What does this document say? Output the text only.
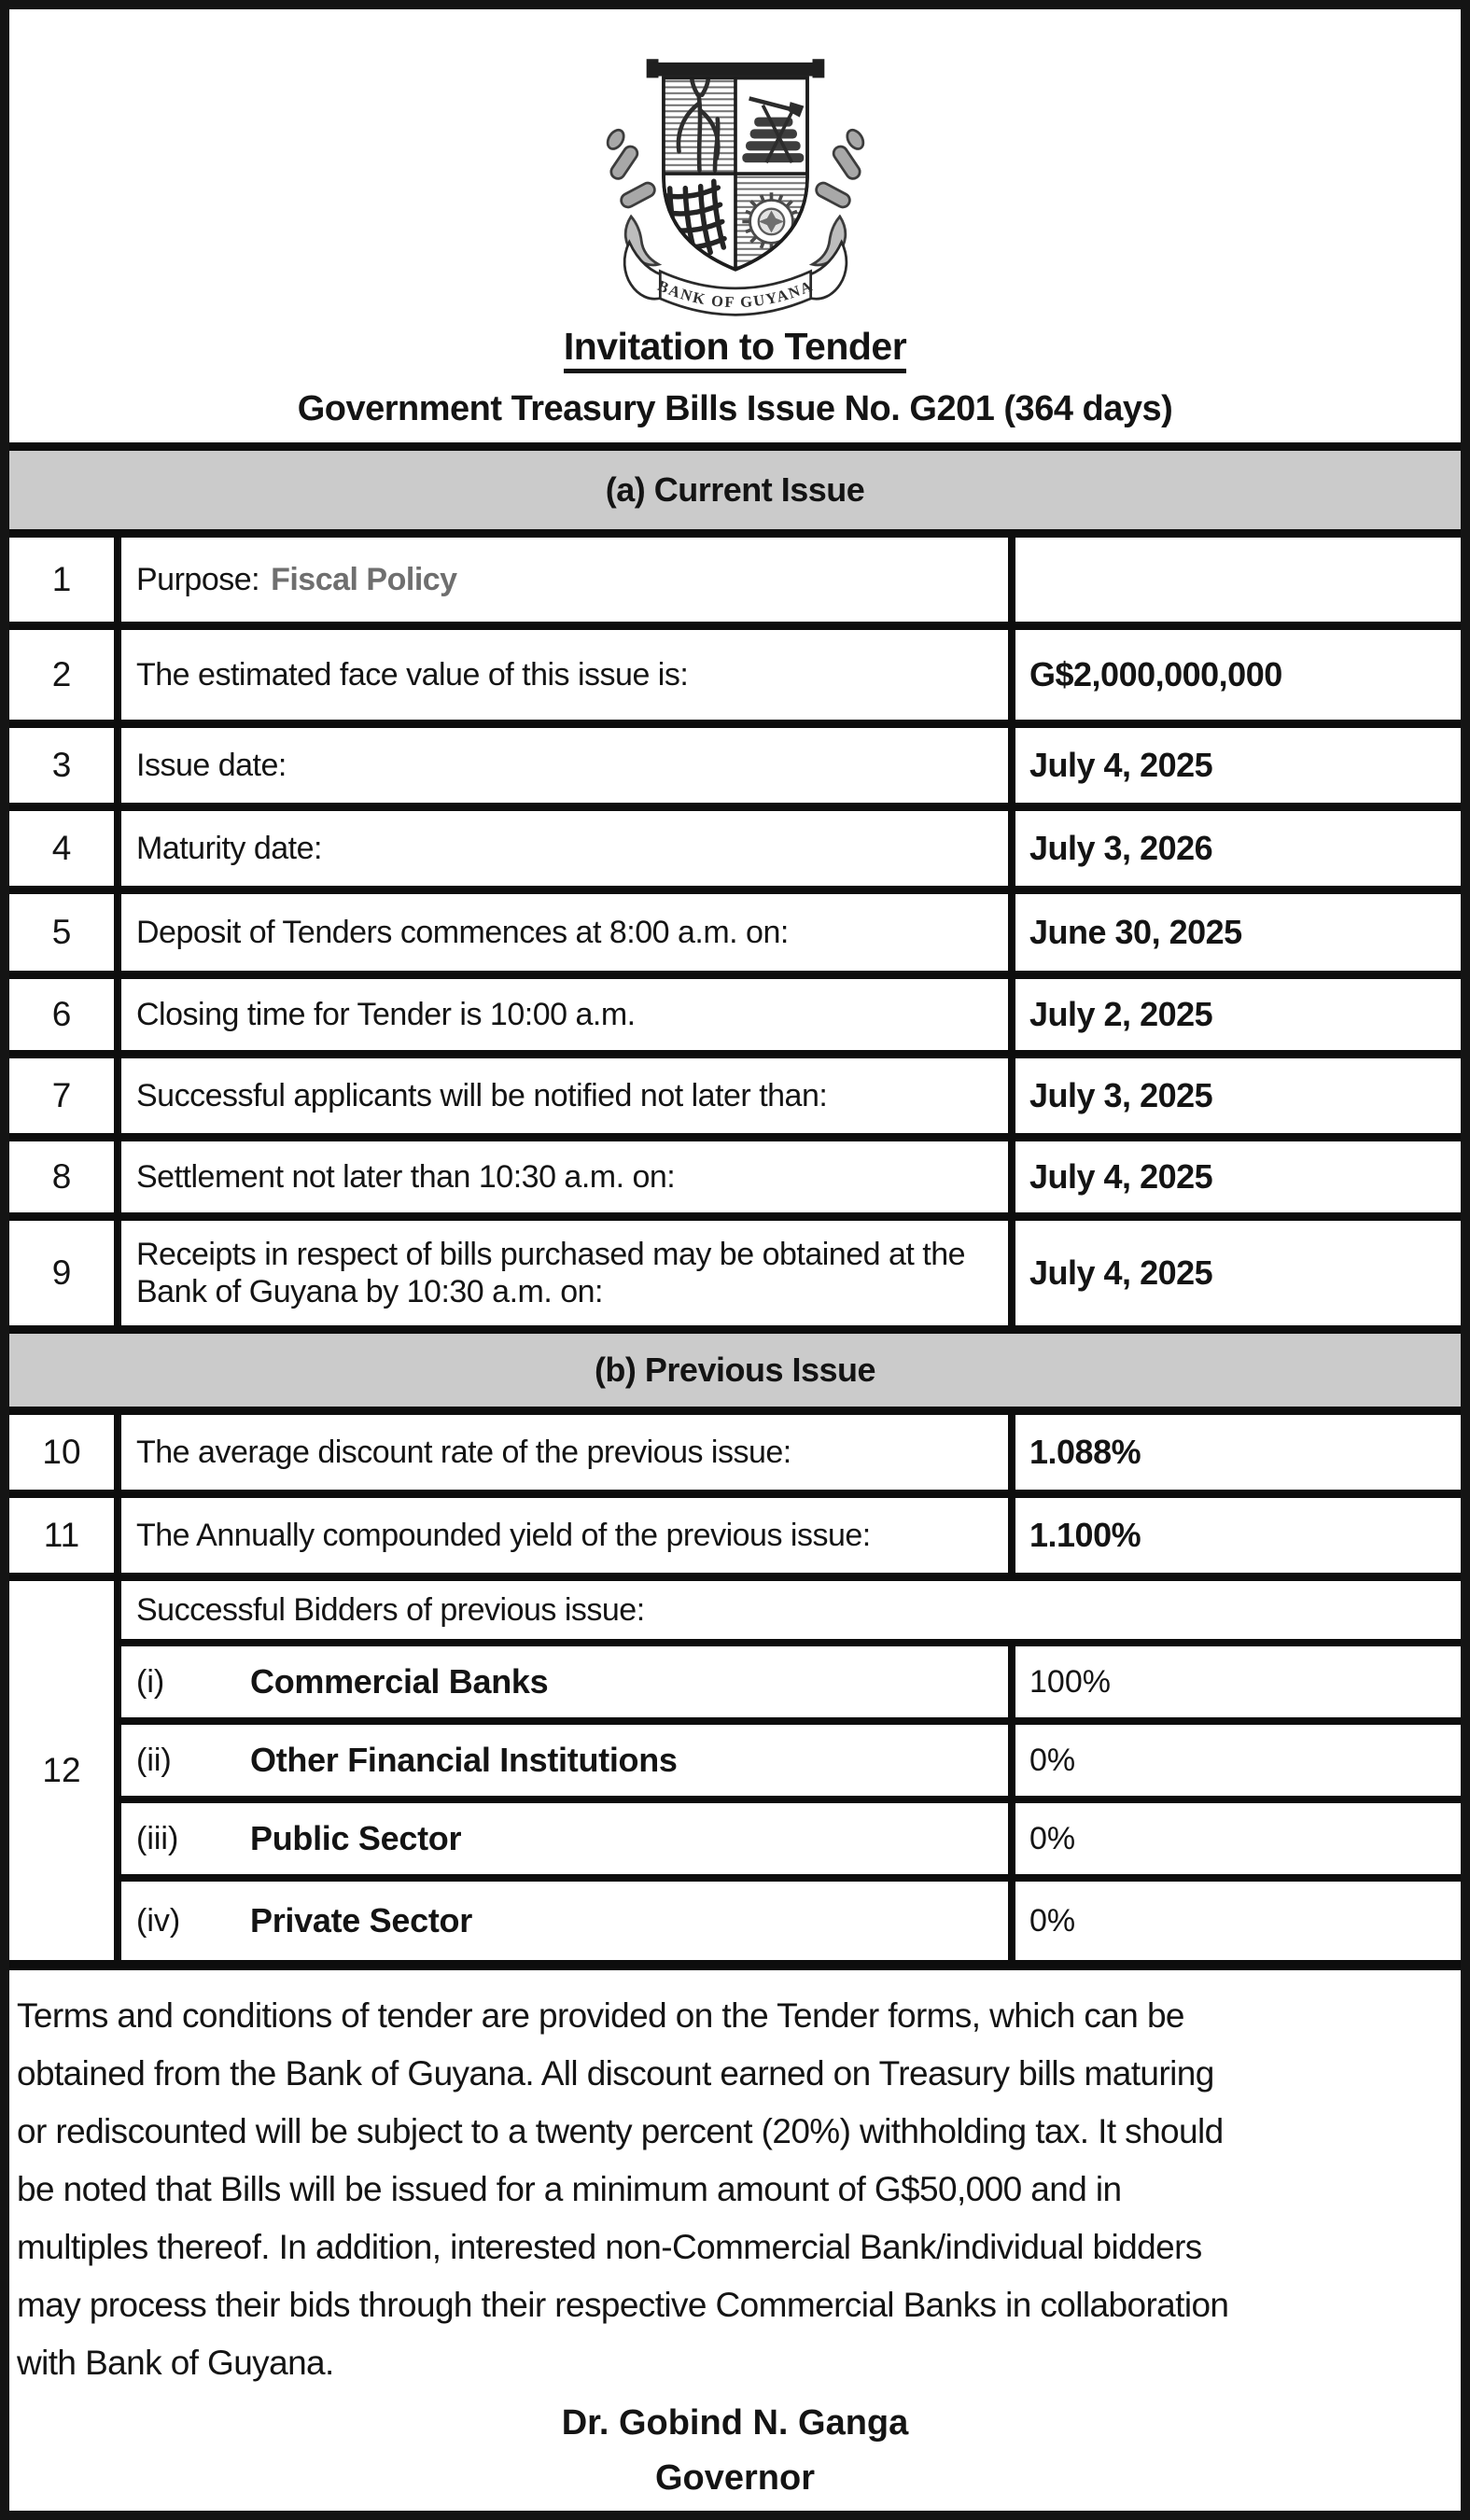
BANK OF GUYANA
Invitation to Tender
Government Treasury Bills Issue No. G201 (364 days)
(a) Current Issue
1	Purpose: Fiscal Policy
2	The estimated face value of this issue is:	G$2,000,000,000
3	Issue date:	July 4, 2025
4	Maturity date:	July 3, 2026
5	Deposit of Tenders commences at 8:00 a.m. on:	June 30, 2025
6	Closing time for Tender is 10:00 a.m.	July 2, 2025
7	Successful applicants will be notified not later than:	July 3, 2025
8	Settlement not later than 10:30 a.m. on:	July 4, 2025
9	Receipts in respect of bills purchased may be obtained at the Bank of Guyana by 10:30 a.m. on:	July 4, 2025
(b) Previous Issue
10	The average discount rate of the previous issue:	1.088%
11	The Annually compounded yield of the previous issue:	1.100%
12
Successful Bidders of previous issue:
(i)	Commercial Banks	100%
(ii)	Other Financial Institutions	0%
(iii)	Public Sector	0%
(iv)	Private Sector	0%
Terms and conditions of tender are provided on the Tender forms, which can be
obtained from the Bank of Guyana. All discount earned on Treasury bills maturing
or rediscounted will be subject to a twenty percent (20%) withholding tax. It should
be noted that Bills will be issued for a minimum amount of G$50,000 and in
multiples thereof. In addition, interested non-Commercial Bank/individual bidders
may process their bids through their respective Commercial Banks in collaboration
with Bank of Guyana.
Dr. Gobind N. Ganga
Governor
